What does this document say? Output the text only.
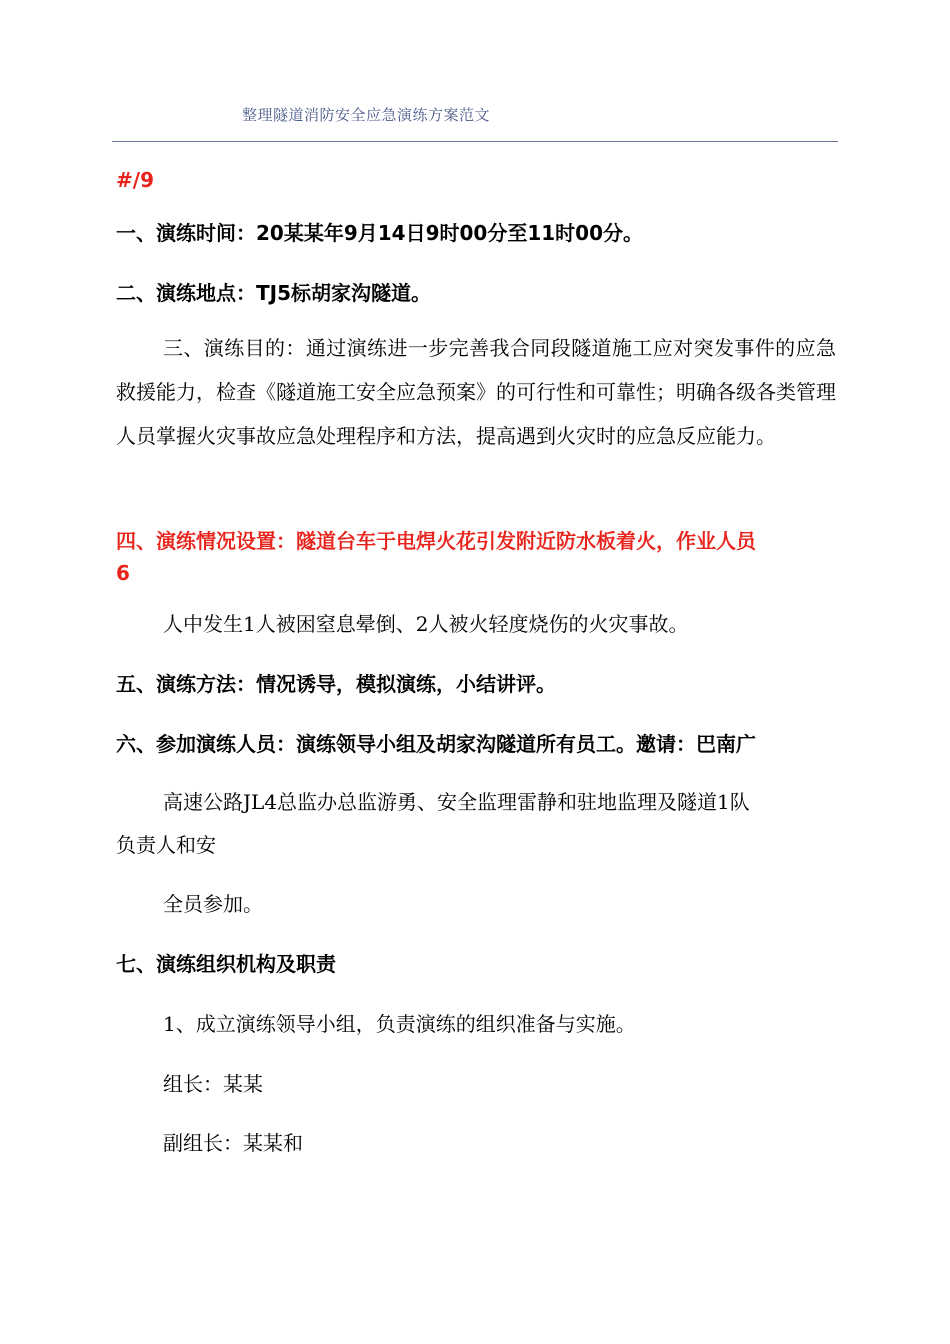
整理隧道消防安全应急演练方案范文
#/9
一、演练时间：20某某年9月14日9时00分至11时00分。
二、演练地点：TJ5标胡家沟隧道。
三、演练目的：通过演练进一步完善我合同段隧道施工应对突发事件的应急救援能力，检查《隧道施工安全应急预案》的可行性和可靠性；明确各级各类管理人员掌握火灾事故应急处理程序和方法，提高遇到火灾时的应急反应能力。
四、演练情况设置：隧道台车于电焊火花引发附近防水板着火，作业人员
6
人中发生1人被困窒息晕倒、2人被火轻度烧伤的火灾事故。
五、演练方法：情况诱导，模拟演练，小结讲评。
六、参加演练人员：演练领导小组及胡家沟隧道所有员工。邀请：巴南广
高速公路JL4总监办总监游勇、安全监理雷静和驻地监理及隧道1队
负责人和安
全员参加。
七、演练组织机构及职责
1、成立演练领导小组，负责演练的组织准备与实施。
组长：某某
副组长：某某和
